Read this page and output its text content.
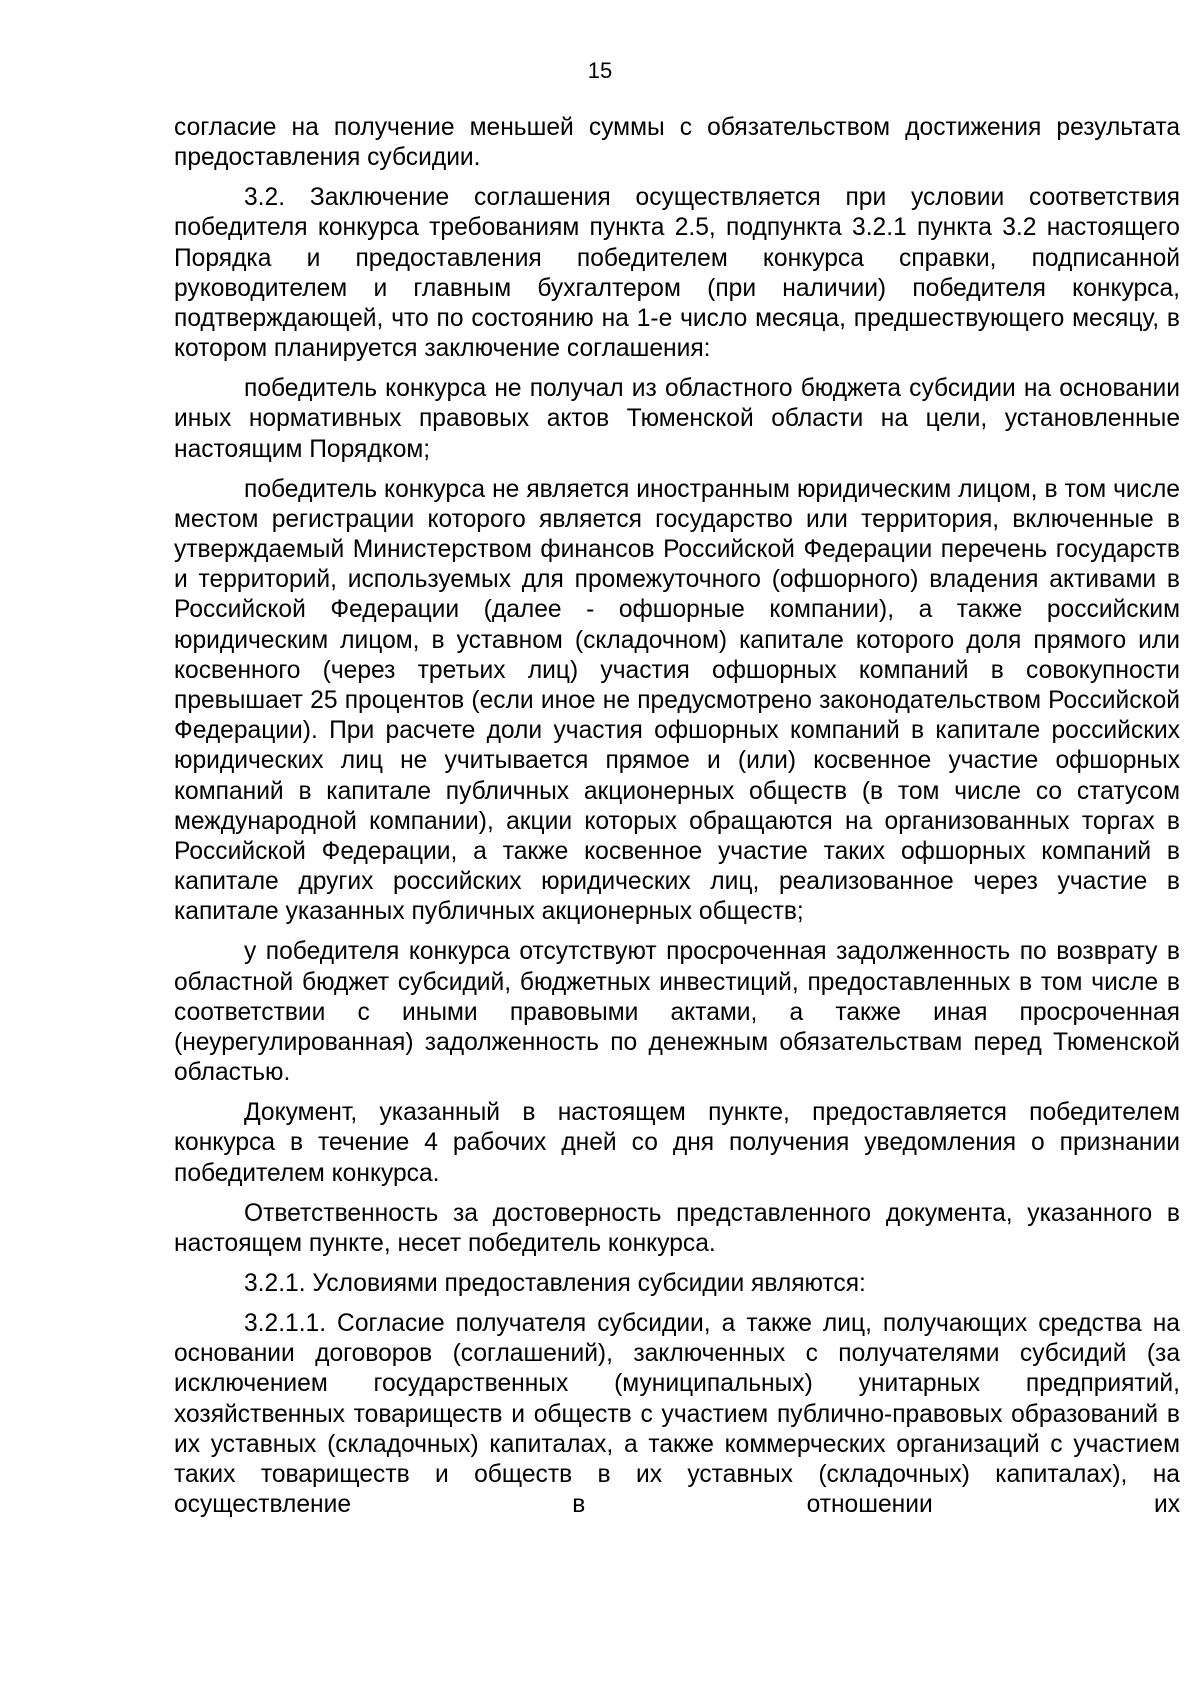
15

согласие на получение меньшей суммы с обязательством достижения результата предоставления субсидии.

3.2. Заключение соглашения осуществляется при условии соответствия победителя конкурса требованиям пункта 2.5, подпункта 3.2.1 пункта 3.2 настоящего Порядка и предоставления победителем конкурса справки, подписанной руководителем и главным бухгалтером (при наличии) победителя конкурса, подтверждающей, что по состоянию на 1-е число месяца, предшествующего месяцу, в котором планируется заключение соглашения:

победитель конкурса не получал из областного бюджета субсидии на основании иных нормативных правовых актов Тюменской области на цели, установленные настоящим Порядком;

победитель конкурса не является иностранным юридическим лицом, в том числе местом регистрации которого является государство или территория, включенные в утверждаемый Министерством финансов Российской Федерации перечень государств и территорий, используемых для промежуточного (офшорного) владения активами в Российской Федерации (далее - офшорные компании), а также российским юридическим лицом, в уставном (складочном) капитале которого доля прямого или косвенного (через третьих лиц) участия офшорных компаний в совокупности превышает 25 процентов (если иное не предусмотрено законодательством Российской Федерации). При расчете доли участия офшорных компаний в капитале российских юридических лиц не учитывается прямое и (или) косвенное участие офшорных компаний в капитале публичных акционерных обществ (в том числе со статусом международной компании), акции которых обращаются на организованных торгах в Российской Федерации, а также косвенное участие таких офшорных компаний в капитале других российских юридических лиц, реализованное через участие в капитале указанных публичных акционерных обществ;

у победителя конкурса отсутствуют просроченная задолженность по возврату в областной бюджет субсидий, бюджетных инвестиций, предоставленных в том числе в соответствии с иными правовыми актами, а также иная просроченная (неурегулированная) задолженность по денежным обязательствам перед Тюменской областью.

Документ, указанный в настоящем пункте, предоставляется победителем конкурса в течение 4 рабочих дней со дня получения уведомления о признании победителем конкурса.

Ответственность за достоверность представленного документа, указанного в настоящем пункте, несет победитель конкурса.

3.2.1. Условиями предоставления субсидии являются:

3.2.1.1. Согласие получателя субсидии, а также лиц, получающих средства на основании договоров (соглашений), заключенных с получателями субсидий (за исключением государственных (муниципальных) унитарных предприятий, хозяйственных товариществ и обществ с участием публично-правовых образований в их уставных (складочных) капиталах, а также коммерческих организаций с участием таких товариществ и обществ в их уставных (складочных) капиталах), на осуществление в отношении их
